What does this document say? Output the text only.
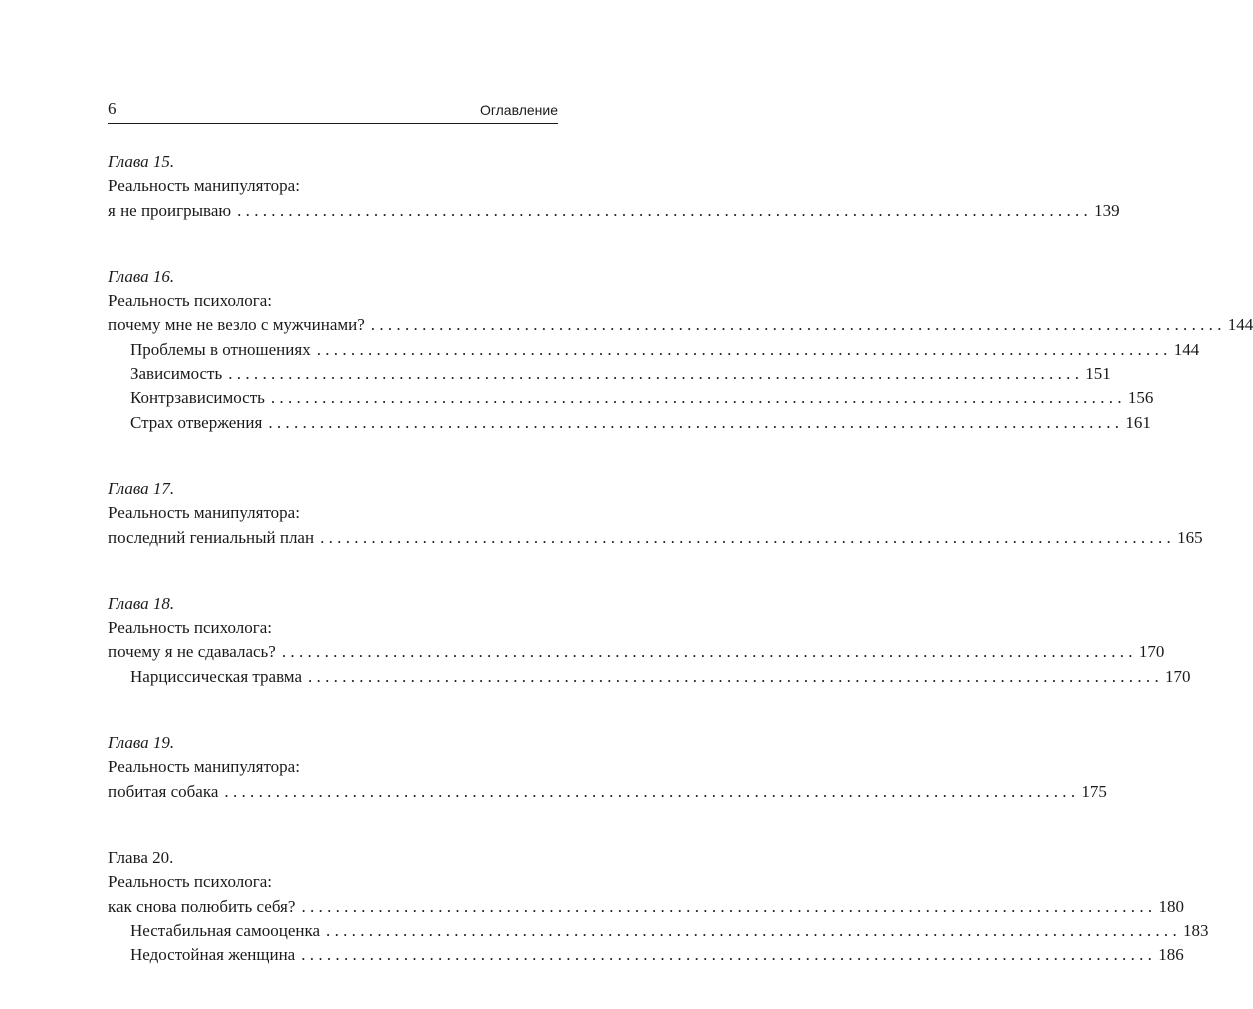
6	Оглавление
Глава 15.
Реальность манипулятора:
я не проигрываю .................................................................................................... 139
Глава 16.
Реальность психолога:
почему мне не везло с мужчинами? .................................................................................................... 144
Проблемы в отношениях .................................................................................................... 144
Зависимость .................................................................................................... 151
Контрзависимость .................................................................................................... 156
Страх отвержения .................................................................................................... 161
Глава 17.
Реальность манипулятора:
последний гениальный план .................................................................................................... 165
Глава 18.
Реальность психолога:
почему я не сдавалась? .................................................................................................... 170
Нарциссическая травма .................................................................................................... 170
Глава 19.
Реальность манипулятора:
побитая собака .................................................................................................... 175
Глава 20.
Реальность психолога:
как снова полюбить себя? .................................................................................................... 180
Нестабильная самооценка .................................................................................................... 183
Недостойная женщина .................................................................................................... 186
